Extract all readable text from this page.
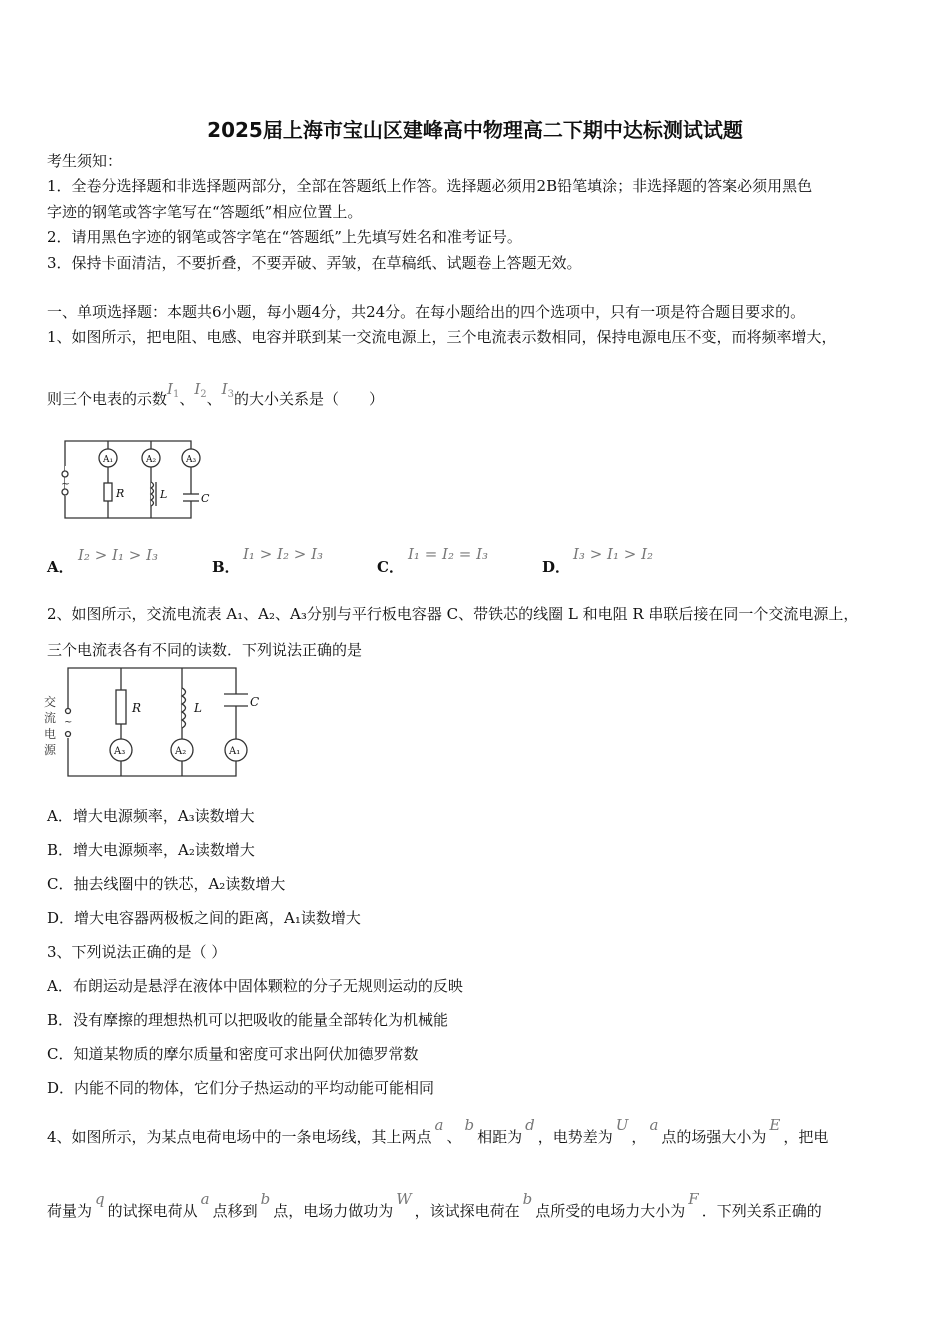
2025届上海市宝山区建峰高中物理高二下期中达标测试试题
考生须知：
1．全卷分选择题和非选择题两部分，全部在答题纸上作答。选择题必须用2B铅笔填涂；非选择题的答案必须用黑色
字迹的钢笔或答字笔写在“答题纸”相应位置上。
2．请用黑色字迹的钢笔或答字笔在“答题纸”上先填写姓名和准考证号。
3．保持卡面清洁，不要折叠，不要弄破、弄皱，在草稿纸、试题卷上答题无效。
一、单项选择题：本题共6小题，每小题4分，共24分。在每小题给出的四个选项中，只有一项是符合题目要求的。
1、如图所示，把电阻、电感、电容并联到某一交流电源上，三个电流表示数相同，保持电源电压不变，而将频率增大，
则三个电表的示数$I_1$、$I_2$、$I_3$的大小关系是（　　）
~
A₁	A₂	A₃
R	L	C
A．
I₂ > I₁ > I₃
B．
I₁ > I₂ > I₃
C．
I₁ = I₂ = I₃
D．
I₃ > I₁ > I₂
2、如图所示，交流电流表 A₁、A₂、A₃分别与平行板电容器 C、带铁芯的线圈 L 和电阻 R 串联后接在同一个交流电源上，
三个电流表各有不同的读数．下列说法正确的是
~
交
流
电
源
R	L	C
A₃	A₂	A₁
A．增大电源频率，A₃读数增大
B．增大电源频率，A₂读数增大
C．抽去线圈中的铁芯，A₂读数增大
D．增大电容器两极板之间的距离，A₁读数增大
3、下列说法正确的是（ ）
A．布朗运动是悬浮在液体中固体颗粒的分子无规则运动的反映
B．没有摩擦的理想热机可以把吸收的能量全部转化为机械能
C．知道某物质的摩尔质量和密度可求出阿伏加德罗常数
D．内能不同的物体，它们分子热运动的平均动能可能相同
4、如图所示，为某点电荷电场中的一条电场线，其上两点a、b相距为d，电势差为U，a点的场强大小为E，把电
荷量为q的试探电荷从a点移到b点，电场力做功为W，该试探电荷在b点所受的电场力大小为F．下列关系正确的
